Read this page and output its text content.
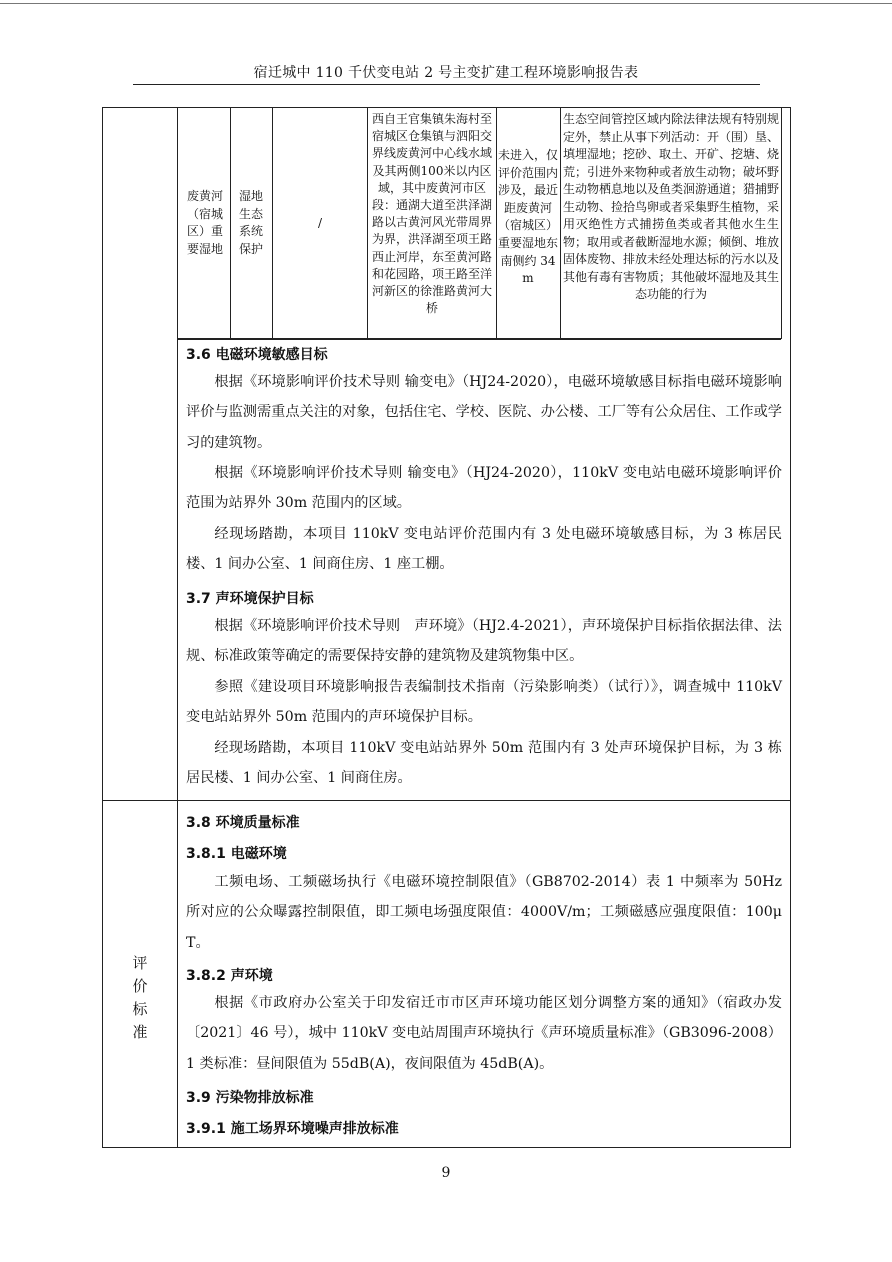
宿迁城中 110 千伏变电站 2 号主变扩建工程环境影响报告表
废黄河（宿城区）重要湿地
湿地生态系统保护
/
西自王官集镇朱海村至宿城区仓集镇与泗阳交界线废黄河中心线水域及其两侧100米以内区域，其中废黄河市区段：通湖大道至洪泽湖路以古黄河风光带周界为界，洪泽湖至项王路西止河岸，东至黄河路和花园路，项王路至洋河新区的徐淮路黄河大桥
未进入，仅评价范围内涉及，最近距废黄河（宿城区）重要湿地东南侧约 34m
生态空间管控区域内除法律法规有特别规定外，禁止从事下列活动：开（围）垦、填埋湿地；挖砂、取土、开矿、挖塘、烧荒；引进外来物种或者放生动物；破坏野生动物栖息地以及鱼类洄游通道；猎捕野生动物、捡拾鸟卵或者采集野生植物，采用灭绝性方式捕捞鱼类或者其他水生生物；取用或者截断湿地水源；倾倒、堆放固体废物、排放未经处理达标的污水以及其他有毒有害物质；其他破坏湿地及其生态功能的行为
3.6 电磁环境敏感目标
根据《环境影响评价技术导则 输变电》（HJ24-2020），电磁环境敏感目标指电磁环境影响评价与监测需重点关注的对象，包括住宅、学校、医院、办公楼、工厂等有公众居住、工作或学习的建筑物。
根据《环境影响评价技术导则 输变电》（HJ24-2020），110kV 变电站电磁环境影响评价范围为站界外 30m 范围内的区域。
经现场踏勘，本项目 110kV 变电站评价范围内有 3 处电磁环境敏感目标，为 3 栋居民楼、1 间办公室、1 间商住房、1 座工棚。
3.7 声环境保护目标
根据《环境影响评价技术导则　声环境》（HJ2.4-2021），声环境保护目标指依据法律、法规、标准政策等确定的需要保持安静的建筑物及建筑物集中区。
参照《建设项目环境影响报告表编制技术指南（污染影响类）（试行）》，调查城中 110kV 变电站站界外 50m 范围内的声环境保护目标。
经现场踏勘，本项目 110kV 变电站站界外 50m 范围内有 3 处声环境保护目标，为 3 栋居民楼、1 间办公室、1 间商住房。
评价标准
3.8 环境质量标准
3.8.1 电磁环境
工频电场、工频磁场执行《电磁环境控制限值》（GB8702-2014）表 1 中频率为 50Hz 所对应的公众曝露控制限值，即工频电场强度限值：4000V/m；工频磁感应强度限值：100μT。
3.8.2 声环境
根据《市政府办公室关于印发宿迁市市区声环境功能区划分调整方案的通知》（宿政办发〔2021〕46 号），城中 110kV 变电站周围声环境执行《声环境质量标准》（GB3096-2008）1 类标准：昼间限值为 55dB(A)，夜间限值为 45dB(A)。
3.9 污染物排放标准
3.9.1 施工场界环境噪声排放标准
9
